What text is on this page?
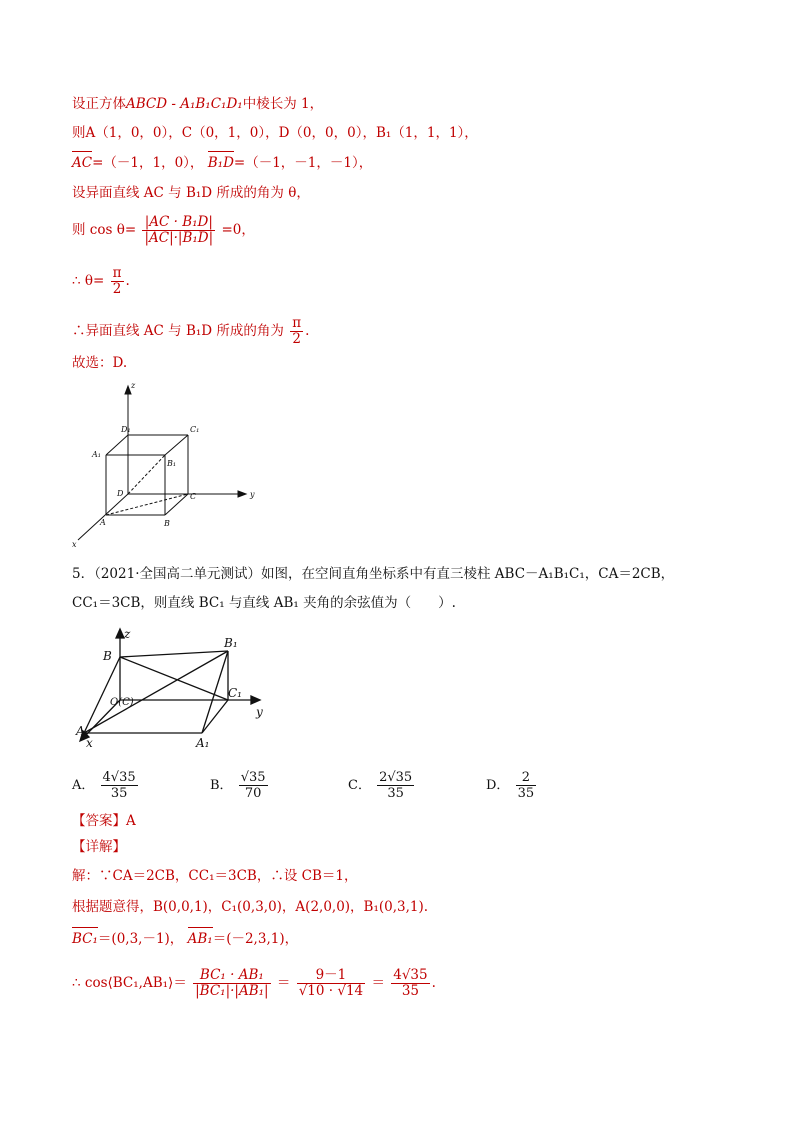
设正方体ABCD - A₁B₁C₁D₁中棱长为 1，
则A（1，0，0），C（0，1，0），D（0，0，0），B₁（1，1，1），
AC=（－1，1，0）， B₁D=（－1，－1，－1），
设异面直线 AC 与 B₁D 所成的角为 θ，
则 $\cos \theta= \frac{\text{|AC · B₁D|}}{\text{|AC|·|B₁D|}} =0$，
∴ $\theta= \frac{\pi}{2}$ .
∴异面直线 AC 与 B₁D 所成的角为 $\frac{\pi}{2}$ .
故选：D.
z
y
x
D₁	C₁
A₁
B₁
D	C
A	B
5．（2021·全国高二单元测试）如图，在空间直角坐标系中有直三棱柱 ABC－A₁B₁C₁，CA＝2CB，
CC₁＝3CB，则直线 BC₁ 与直线 AB₁ 夹角的余弦值为（　　）.
z
y
x
B
B₁
C₁
O(C)
A
A₁
A． $\frac{4√35}{35}$	B． $\frac{√35}{70}$	C． $\frac{2√35}{35}$	D． $\frac{2}{35}$
【答案】A
【详解】
解：∵CA＝2CB，CC₁＝3CB，∴设 CB＝1，
根据题意得，B(0,0,1)，C₁(0,3,0)，A(2,0,0)，B₁(0,3,1).
BC₁＝(0,3,－1)， AB₁＝(－2,3,1)，
∴ cos⟨BC₁,AB₁⟩＝ $\frac{\text{BC₁ · AB₁}}{\text{|BC₁|·|AB₁|}} = \frac{9-1}{√10 \cdot √14} = \frac{4√35}{35}$ .
